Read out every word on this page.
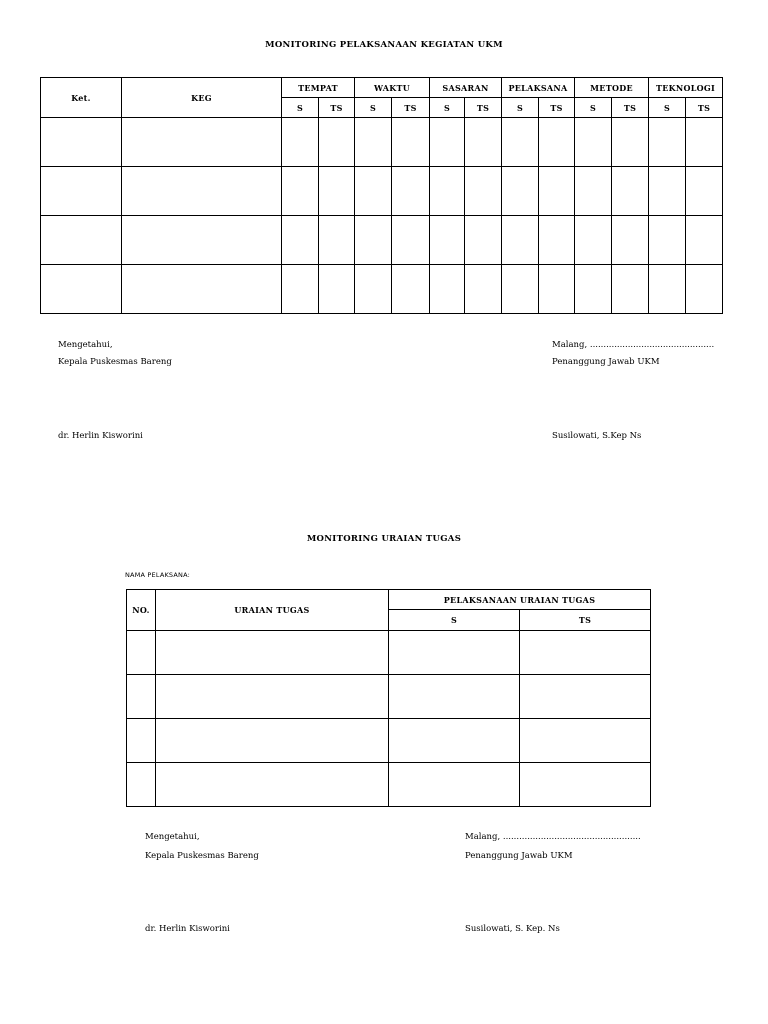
MONITORING PELAKSANAAN KEGIATAN UKM
Ket.	KEG	TEMPAT		WAKTU		SASARAN		PELAKSANA		METODE		TEKNOLOGI	
		S	TS	S	TS	S	TS	S	TS	S	TS	S	TS

Mengetahui,
Kepala Puskesmas Bareng
dr. Herlin Kisworini
Malang, ..............................................
Penanggung Jawab UKM
Susilowati, S.Kep Ns
MONITORING URAIAN TUGAS
NAMA PELAKSANA:
NO.	URAIAN TUGAS	PELAKSANAAN URAIAN TUGAS	
		S	TS

Mengetahui,
Kepala Puskesmas Bareng
dr. Herlin Kisworini
Malang, ...................................................
Penanggung Jawab UKM
Susilowati, S. Kep. Ns
